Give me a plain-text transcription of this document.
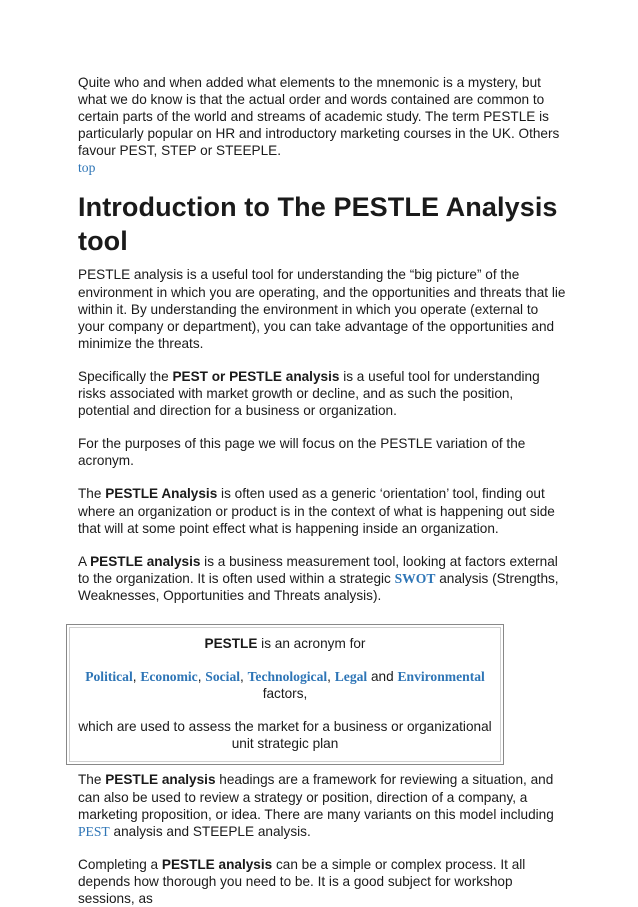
Quite who and when added what elements to the mnemonic is a mystery, but what we do know is that the actual order and words contained are common to certain parts of the world and streams of academic study. The term PESTLE is particularly popular on HR and introductory marketing courses in the UK. Others favour PEST, STEP or STEEPLE.

top
Introduction to The PESTLE Analysis tool

PESTLE analysis is a useful tool for understanding the “big picture” of the environment in which you are operating, and the opportunities and threats that lie within it. By understanding the environment in which you operate (external to your company or department), you can take advantage of the opportunities and minimize the threats.

Specifically the PEST or PESTLE analysis is a useful tool for understanding risks associated with market growth or decline, and as such the position, potential and direction for a business or organization.

For the purposes of this page we will focus on the PESTLE variation of the acronym.

The PESTLE Analysis is often used as a generic ‘orientation’ tool, finding out where an organization or product is in the context of what is happening out side that will at some point effect what is happening inside an organization.

A PESTLE analysis is a business measurement tool, looking at factors external to the organization. It is often used within a strategic SWOT analysis (Strengths, Weaknesses, Opportunities and Threats analysis).

PESTLE is an acronym for

Political, Economic, Social, Technological, Legal and Environmental
factors,

which are used to assess the market for a business or organizational unit strategic plan

The PESTLE analysis headings are a framework for reviewing a situation, and can also be used to review a strategy or position, direction of a company, a marketing proposition, or idea. There are many variants on this model including PEST analysis and STEEPLE analysis.

Completing a PESTLE analysis can be a simple or complex process. It all depends how thorough you need to be. It is a good subject for workshop sessions, as
